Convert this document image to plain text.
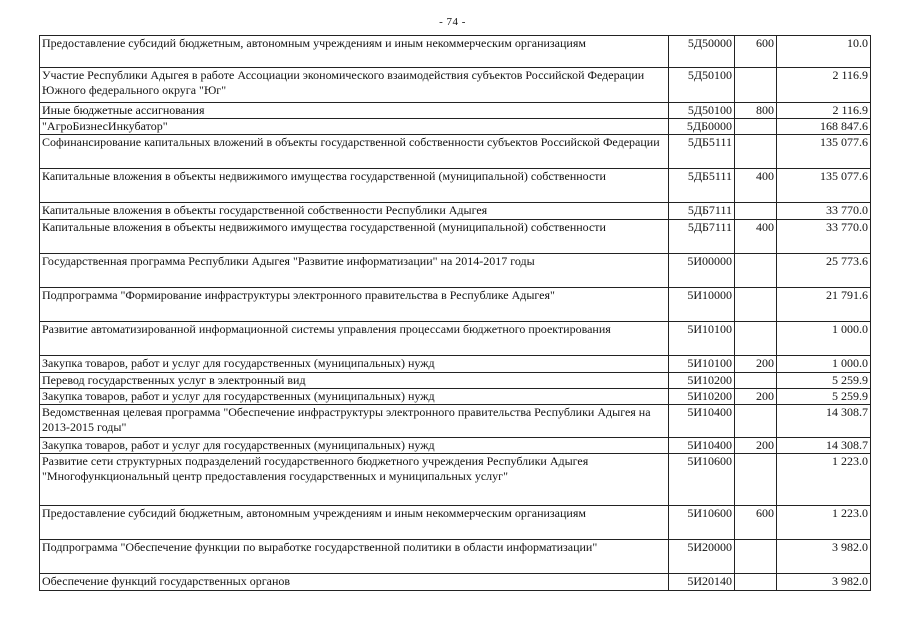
- 74 -
Предоставление субсидий бюджетным, автономным учреждениям и иным некоммерческим организациям	5Д50000	600	10.0
Участие Республики Адыгея в работе Ассоциации экономического взаимодействия субъектов Российской Федерации Южного федерального округа "Юг"	5Д50100		2 116.9
Иные бюджетные ассигнования	5Д50100	800	2 116.9
"АгроБизнесИнкубатор"	5ДБ0000		168 847.6
Софинансирование капитальных вложений в объекты государственной собственности субъектов Российской Федерации	5ДБ5111		135 077.6
Капитальные вложения в объекты недвижимого имущества государственной (муниципальной) собственности	5ДБ5111	400	135 077.6
Капитальные вложения в объекты государственной собственности Республики Адыгея	5ДБ7111		33 770.0
Капитальные вложения в объекты недвижимого имущества государственной (муниципальной) собственности	5ДБ7111	400	33 770.0
Государственная программа Республики Адыгея "Развитие информатизации" на 2014-2017 годы	5И00000		25 773.6
Подпрограмма "Формирование инфраструктуры электронного правительства в Республике Адыгея"	5И10000		21 791.6
Развитие автоматизированной информационной системы управления процессами бюджетного проектирования	5И10100		1 000.0
Закупка товаров, работ и услуг для государственных (муниципальных) нужд	5И10100	200	1 000.0
Перевод государственных услуг в электронный вид	5И10200		5 259.9
Закупка товаров, работ и услуг для государственных (муниципальных) нужд	5И10200	200	5 259.9
Ведомственная целевая программа "Обеспечение инфраструктуры электронного правительства Республики Адыгея на 2013-2015 годы"	5И10400		14 308.7
Закупка товаров, работ и услуг для государственных (муниципальных) нужд	5И10400	200	14 308.7
Развитие сети структурных подразделений государственного бюджетного учреждения Республики Адыгея "Многофункциональный центр предоставления государственных и муниципальных услуг"	5И10600		1 223.0
Предоставление субсидий бюджетным, автономным учреждениям и иным некоммерческим организациям	5И10600	600	1 223.0
Подпрограмма "Обеспечение функции по выработке государственной политики в области информатизации"	5И20000		3 982.0
Обеспечение функций государственных органов	5И20140		3 982.0
